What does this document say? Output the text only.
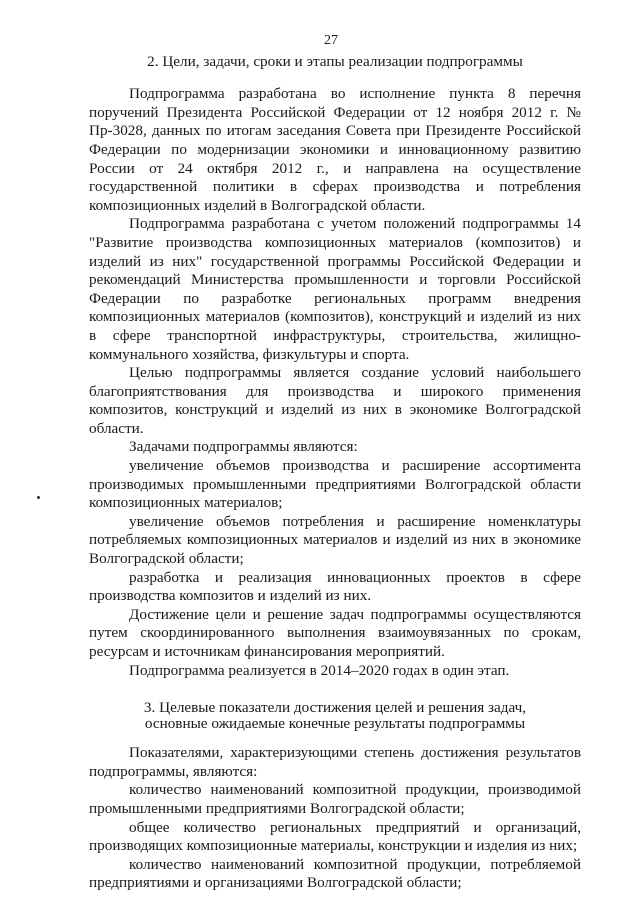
27
2. Цели, задачи, сроки и этапы реализации подпрограммы

Подпрограмма разработана во исполнение пункта 8 перечня поручений Президента Российской Федерации от 12 ноября 2012 г. № Пр-3028, данных по итогам заседания Совета при Президенте Российской Федерации по модернизации экономики и инновационному развитию России от 24 октября 2012 г., и направлена на осуществление государственной политики в сферах производства и потребления композиционных изделий в Волгоградской области.

Подпрограмма разработана с учетом положений подпрограммы 14 "Развитие производства композиционных материалов (композитов) и изделий из них" государственной программы Российской Федерации и рекомендаций Министерства промышленности и торговли Российской Федерации по разработке региональных программ внедрения композиционных материалов (композитов), конструкций и изделий из них в сфере транспортной инфраструктуры, строительства, жилищно-коммунального хозяйства, физкультуры и спорта.

Целью подпрограммы является создание условий наибольшего благоприятствования для производства и широкого применения композитов, конструкций и изделий из них в экономике Волгоградской области.

Задачами подпрограммы являются:

увеличение объемов производства и расширение ассортимента производимых промышленными предприятиями Волгоградской области композиционных материалов;

увеличение объемов потребления и расширение номенклатуры потребляемых композиционных материалов и изделий из них в экономике Волгоградской области;

разработка и реализация инновационных проектов в сфере производства композитов и изделий из них.

Достижение цели и решение задач подпрограммы осуществляются путем скоординированного выполнения взаимоувязанных по срокам, ресурсам и источникам финансирования мероприятий.

Подпрограмма реализуется в 2014–2020 годах в один этап.

3. Целевые показатели достижения целей и решения задач,
основные ожидаемые конечные результаты подпрограммы

Показателями, характеризующими степень достижения результатов подпрограммы, являются:

количество наименований композитной продукции, производимой промышленными предприятиями Волгоградской области;

общее количество региональных предприятий и организаций, производящих композиционные материалы, конструкции и изделия из них;

количество наименований композитной продукции, потребляемой предприятиями и организациями Волгоградской области;
